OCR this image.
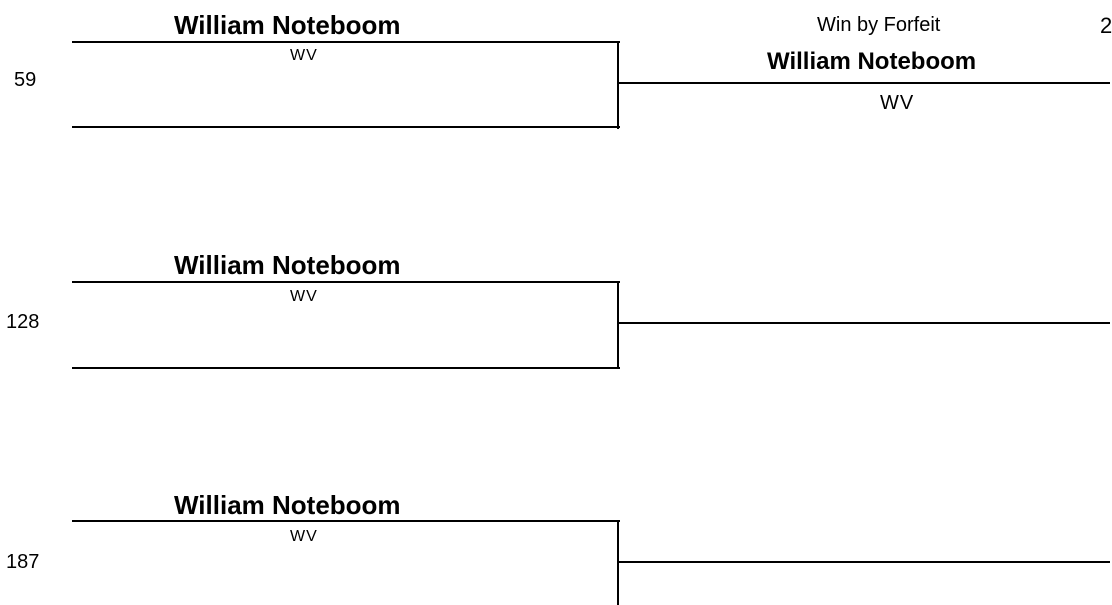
William Noteboom
WV
59
Win by Forfeit	2
William Noteboom
WV
William Noteboom
WV
128
William Noteboom
WV
187
